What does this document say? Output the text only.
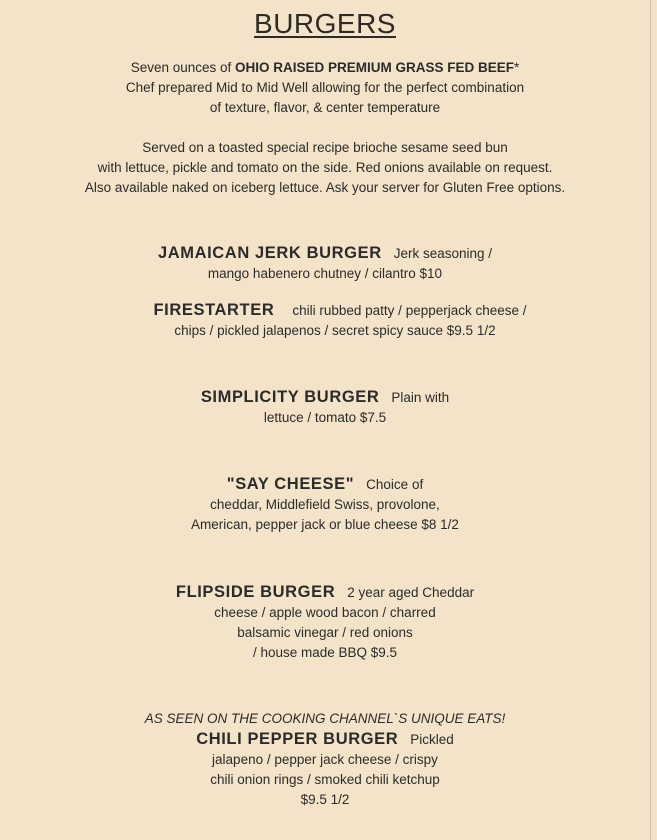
BURGERS
Seven ounces of OHIO RAISED PREMIUM GRASS FED BEEF*
Chef prepared Mid to Mid Well allowing for the perfect combination
of texture, flavor, & center temperature
Served on a toasted special recipe brioche sesame seed bun
with lettuce, pickle and tomato on the side. Red onions available on request.
Also available naked on iceberg lettuce. Ask your server for Gluten Free options.
JAMAICAN JERK BURGER Jerk seasoning /
mango habenero chutney / cilantro $10
FIRESTARTER chili rubbed patty / pepperjack cheese /
chips / pickled jalapenos / secret spicy sauce $9.5 1/2
SIMPLICITY BURGER Plain with
lettuce / tomato $7.5
"SAY CHEESE" Choice of
cheddar, Middlefield Swiss, provolone,
American, pepper jack or blue cheese $8 1/2
FLIPSIDE BURGER 2 year aged Cheddar
cheese / apple wood bacon / charred
balsamic vinegar / red onions
/ house made BBQ $9.5
AS SEEN ON THE COOKING CHANNEL`S UNIQUE EATS!
CHILI PEPPER BURGER Pickled
jalapeno / pepper jack cheese / crispy
chili onion rings / smoked chili ketchup
$9.5 1/2
